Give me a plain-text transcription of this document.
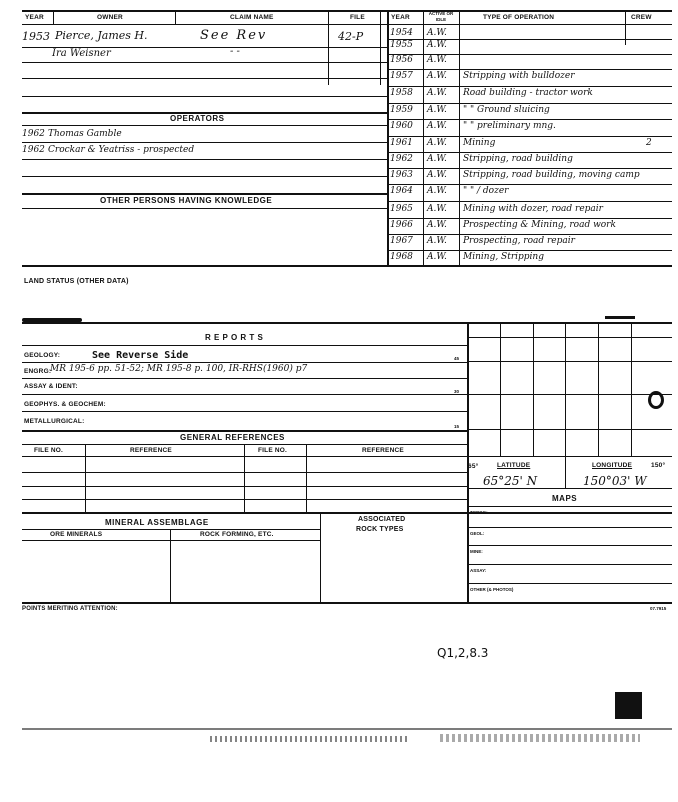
YEAR	OWNER	CLAIM NAME	FILE	YEAR
ACTIVE OR IDLE	TYPE OF OPERATION	CREW
OPERATORS
OTHER PERSONS HAVING KNOWLEDGE
1953 Pierce, James H.	See Rev	42-P
Ira Weisner	- -
1962 Thomas Gamble
1962 Crockar & Yeatriss - prospected
1954 A.W.
1955 A.W.
1956 A.W.
1957 A.W. Stripping with bulldozer
1958 A.W. Road building - tractor work
1959 A.W. " " Ground sluicing
1960 A.W. " " preliminary mng.
1961 A.W. Mining	2
1962 A.W. Stripping, road building
1963 A.W. Stripping, road building, moving camp
1964 A.W. " " / dozer
1965 A.W. Mining with dozer, road repair
1966 A.W. Prospecting & Mining, road work
1967 A.W. Prospecting, road repair
1968 A.W. Mining, Stripping
LAND STATUS (OTHER DATA)
R E P O R T S
GEOLOGY:	See Reverse Side	45
ENGRG:
MR 195-6 pp. 51-52; MR 195-8 p. 100, IR-RHS(1960) p7
ASSAY & IDENT:
30
GEOPHYS. & GEOCHEM:
METALLURGICAL:
15
GENERAL REFERENCES
FILE NO.	REFERENCE	FILE NO.	REFERENCE
65°	LATITUDE	LONGITUDE	150°
65°25' N	150°03' W
MAPS
TOPOG:
GEOL:
MINE:
ASSAY:
OTHER (& PHOTOS)
MINERAL ASSEMBLAGE	ASSOCIATED
ROCK TYPES
ORE MINERALS	ROCK FORMING, ETC.
POINTS MERITING ATTENTION:	07.7915
Q1,2,8.3
